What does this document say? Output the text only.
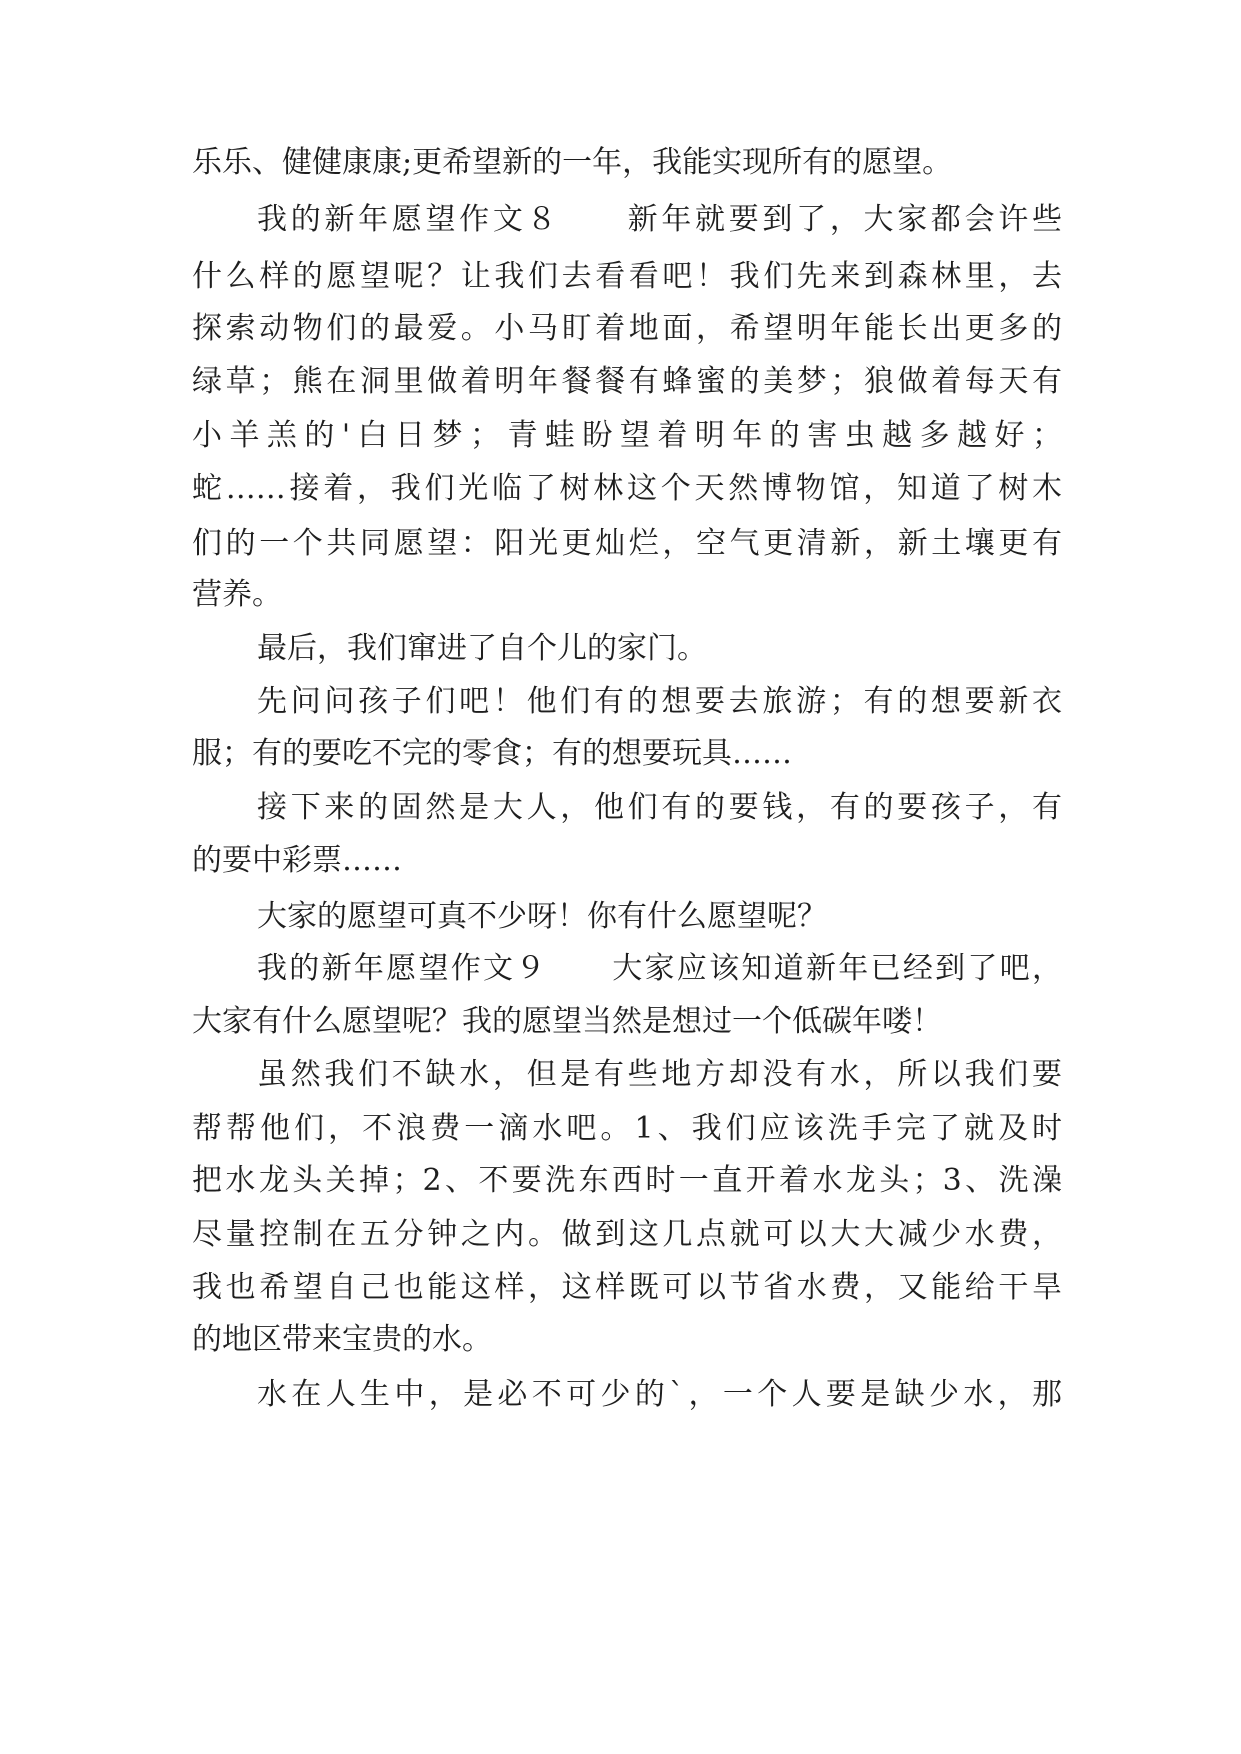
乐乐、健健康康;更希望新的一年，我能实现所有的愿望。
我的新年愿望作文８　　新年就要到了，大家都会许些
什么样的愿望呢？让我们去看看吧！我们先来到森林里，去
探索动物们的最爱。小马盯着地面，希望明年能长出更多的
绿草；熊在洞里做着明年餐餐有蜂蜜的美梦；狼做着每天有
小羊羔的'白日梦；青蛙盼望着明年的害虫越多越好；
蛇……接着，我们光临了树林这个天然博物馆，知道了树木
们的一个共同愿望：阳光更灿烂，空气更清新，新土壤更有
营养。
最后，我们窜进了自个儿的家门。
先问问孩子们吧！他们有的想要去旅游；有的想要新衣
服；有的要吃不完的零食；有的想要玩具……
接下来的固然是大人，他们有的要钱，有的要孩子，有
的要中彩票……
大家的愿望可真不少呀！你有什么愿望呢？
我的新年愿望作文９　　大家应该知道新年已经到了吧，
大家有什么愿望呢？我的愿望当然是想过一个低碳年喽！
虽然我们不缺水，但是有些地方却没有水，所以我们要
帮帮他们，不浪费一滴水吧。1、我们应该洗手完了就及时
把水龙头关掉；2、不要洗东西时一直开着水龙头；3、洗澡
尽量控制在五分钟之内。做到这几点就可以大大减少水费，
我也希望自己也能这样，这样既可以节省水费，又能给干旱
的地区带来宝贵的水。
水在人生中，是必不可少的`，一个人要是缺少水，那
